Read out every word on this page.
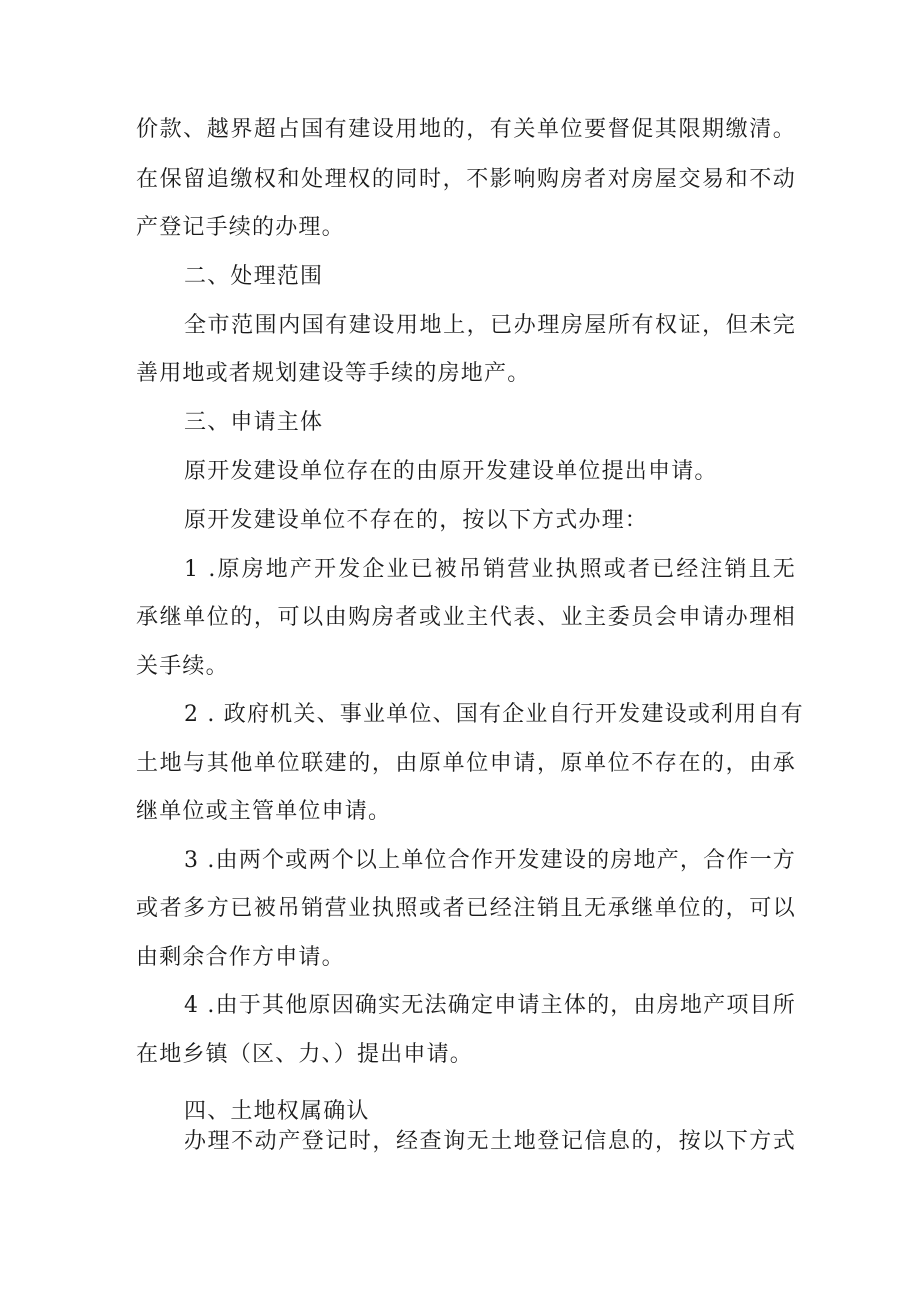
价款、越界超占国有建设用地的，有关单位要督促其限期缴清。

在保留追缴权和处理权的同时，不影响购房者对房屋交易和不动

产登记手续的办理。

二、处理范围

全市范围内国有建设用地上，已办理房屋所有权证，但未完

善用地或者规划建设等手续的房地产。

三、申请主体

原开发建设单位存在的由原开发建设单位提出申请。

原开发建设单位不存在的，按以下方式办理：

1 .原房地产开发企业已被吊销营业执照或者已经注销且无

承继单位的，可以由购房者或业主代表、业主委员会申请办理相

关手续。

2 . 政府机关、事业单位、国有企业自行开发建设或利用自有

土地与其他单位联建的，由原单位申请，原单位不存在的，由承

继单位或主管单位申请。

3 .由两个或两个以上单位合作开发建设的房地产，合作一方

或者多方已被吊销营业执照或者已经注销且无承继单位的，可以

由剩余合作方申请。

4 .由于其他原因确实无法确定申请主体的，由房地产项目所

在地乡镇（区、力、）提出申请。

四、土地权属确认

办理不动产登记时，经查询无土地登记信息的，按以下方式
